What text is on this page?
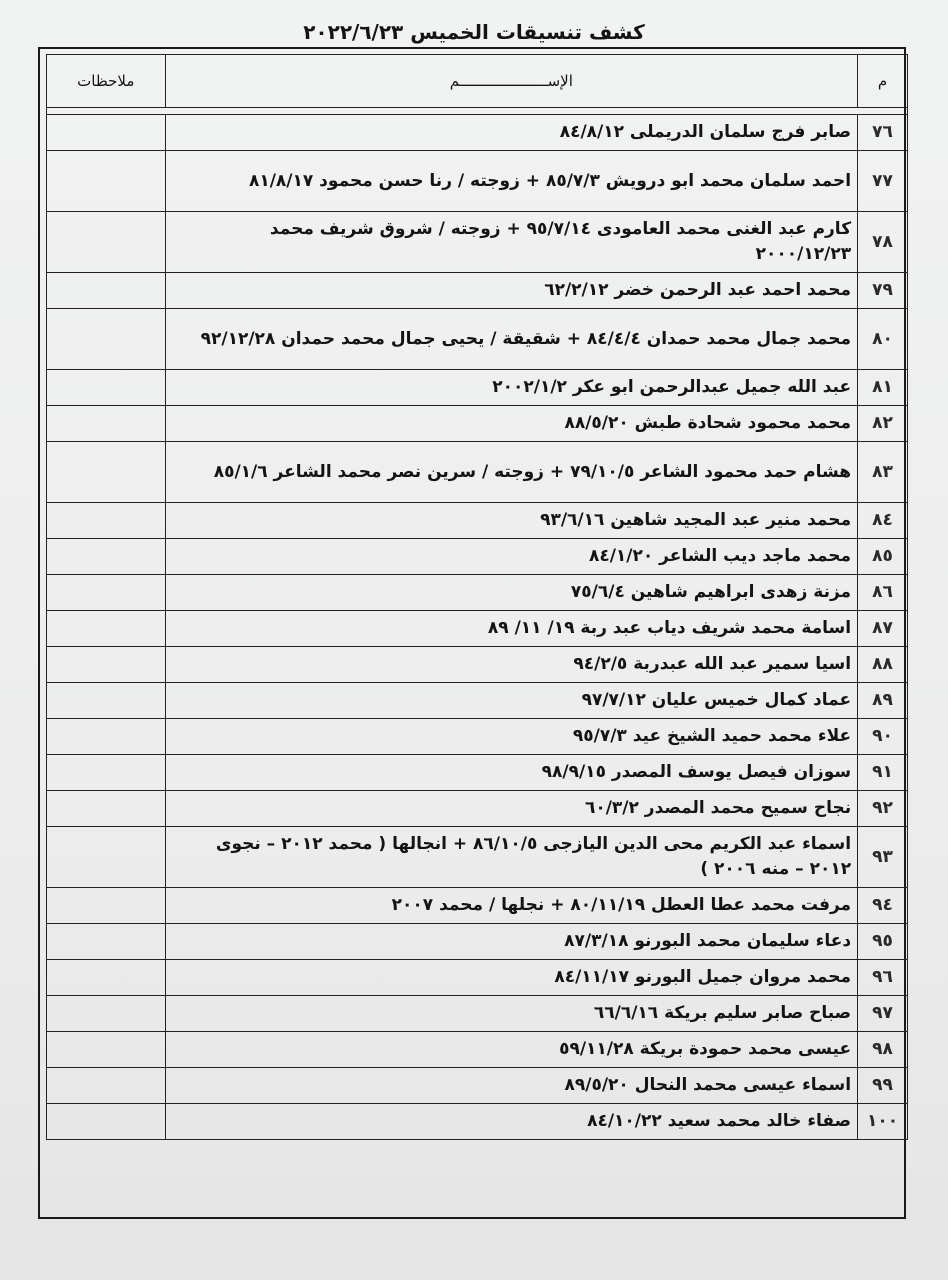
كشف تنسيقات الخميس ٢٠٢٢/٦/٢٣
م	الإســــــــــــــــــــم	ملاحظات

٧٦	صابر فرج سلمان الدريملى ٨٤/٨/١٢	
٧٧	احمد سلمان محمد ابو درويش ٨٥/٧/٣ + زوجته / رنا حسن محمود ٨١/٨/١٧	
٧٨	كارم عبد الغنى محمد العامودى ٩٥/٧/١٤ + زوجته / شروق شريف محمد ٢٠٠٠/١٢/٢٣	
٧٩	محمد احمد عبد الرحمن خضر ٦٢/٢/١٢	
٨٠	محمد جمال محمد حمدان ٨٤/٤/٤ + شقيقة / يحيى جمال محمد حمدان ٩٢/١٢/٢٨	
٨١	عبد الله جميل عبدالرحمن ابو عكر ٢٠٠٢/١/٢	
٨٢	محمد محمود شحادة طبش ٨٨/٥/٢٠	
٨٣	هشام حمد محمود الشاعر ٧٩/١٠/٥ + زوجته / سرين نصر محمد الشاعر ٨٥/١/٦	
٨٤	محمد منير عبد المجيد شاهين ٩٣/٦/١٦	
٨٥	محمد ماجد ديب الشاعر ٨٤/١/٢٠	
٨٦	مزنة زهدى ابراهيم شاهين ٧٥/٦/٤	
٨٧	اسامة محمد شريف دياب عبد ربة ١٩/ ١١/ ٨٩	
٨٨	اسيا سمير عبد الله عبدربة ٩٤/٢/٥	
٨٩	عماد كمال خميس عليان ٩٧/٧/١٢	
٩٠	علاء محمد حميد الشيخ عيد ٩٥/٧/٣	
٩١	سوزان فيصل يوسف المصدر ٩٨/٩/١٥	
٩٢	نجاح سميح محمد المصدر ٦٠/٣/٢	
٩٣	اسماء عبد الكريم محى الدين اليازجى ٨٦/١٠/٥ + انجالها ( محمد ٢٠١٢ – نجوى ٢٠١٢ – منه ٢٠٠٦ )	
٩٤	مرفت محمد عطا العطل ٨٠/١١/١٩ + نجلها / محمد ٢٠٠٧	
٩٥	دعاء سليمان محمد البورنو ٨٧/٣/١٨	
٩٦	محمد مروان جميل البورنو ٨٤/١١/١٧	
٩٧	صباح صابر سليم بريكة ٦٦/٦/١٦	
٩٨	عيسى محمد حمودة بريكة ٥٩/١١/٢٨	
٩٩	اسماء عيسى محمد النحال ٨٩/٥/٢٠	
١٠٠	صفاء خالد محمد سعيد ٨٤/١٠/٢٢	
